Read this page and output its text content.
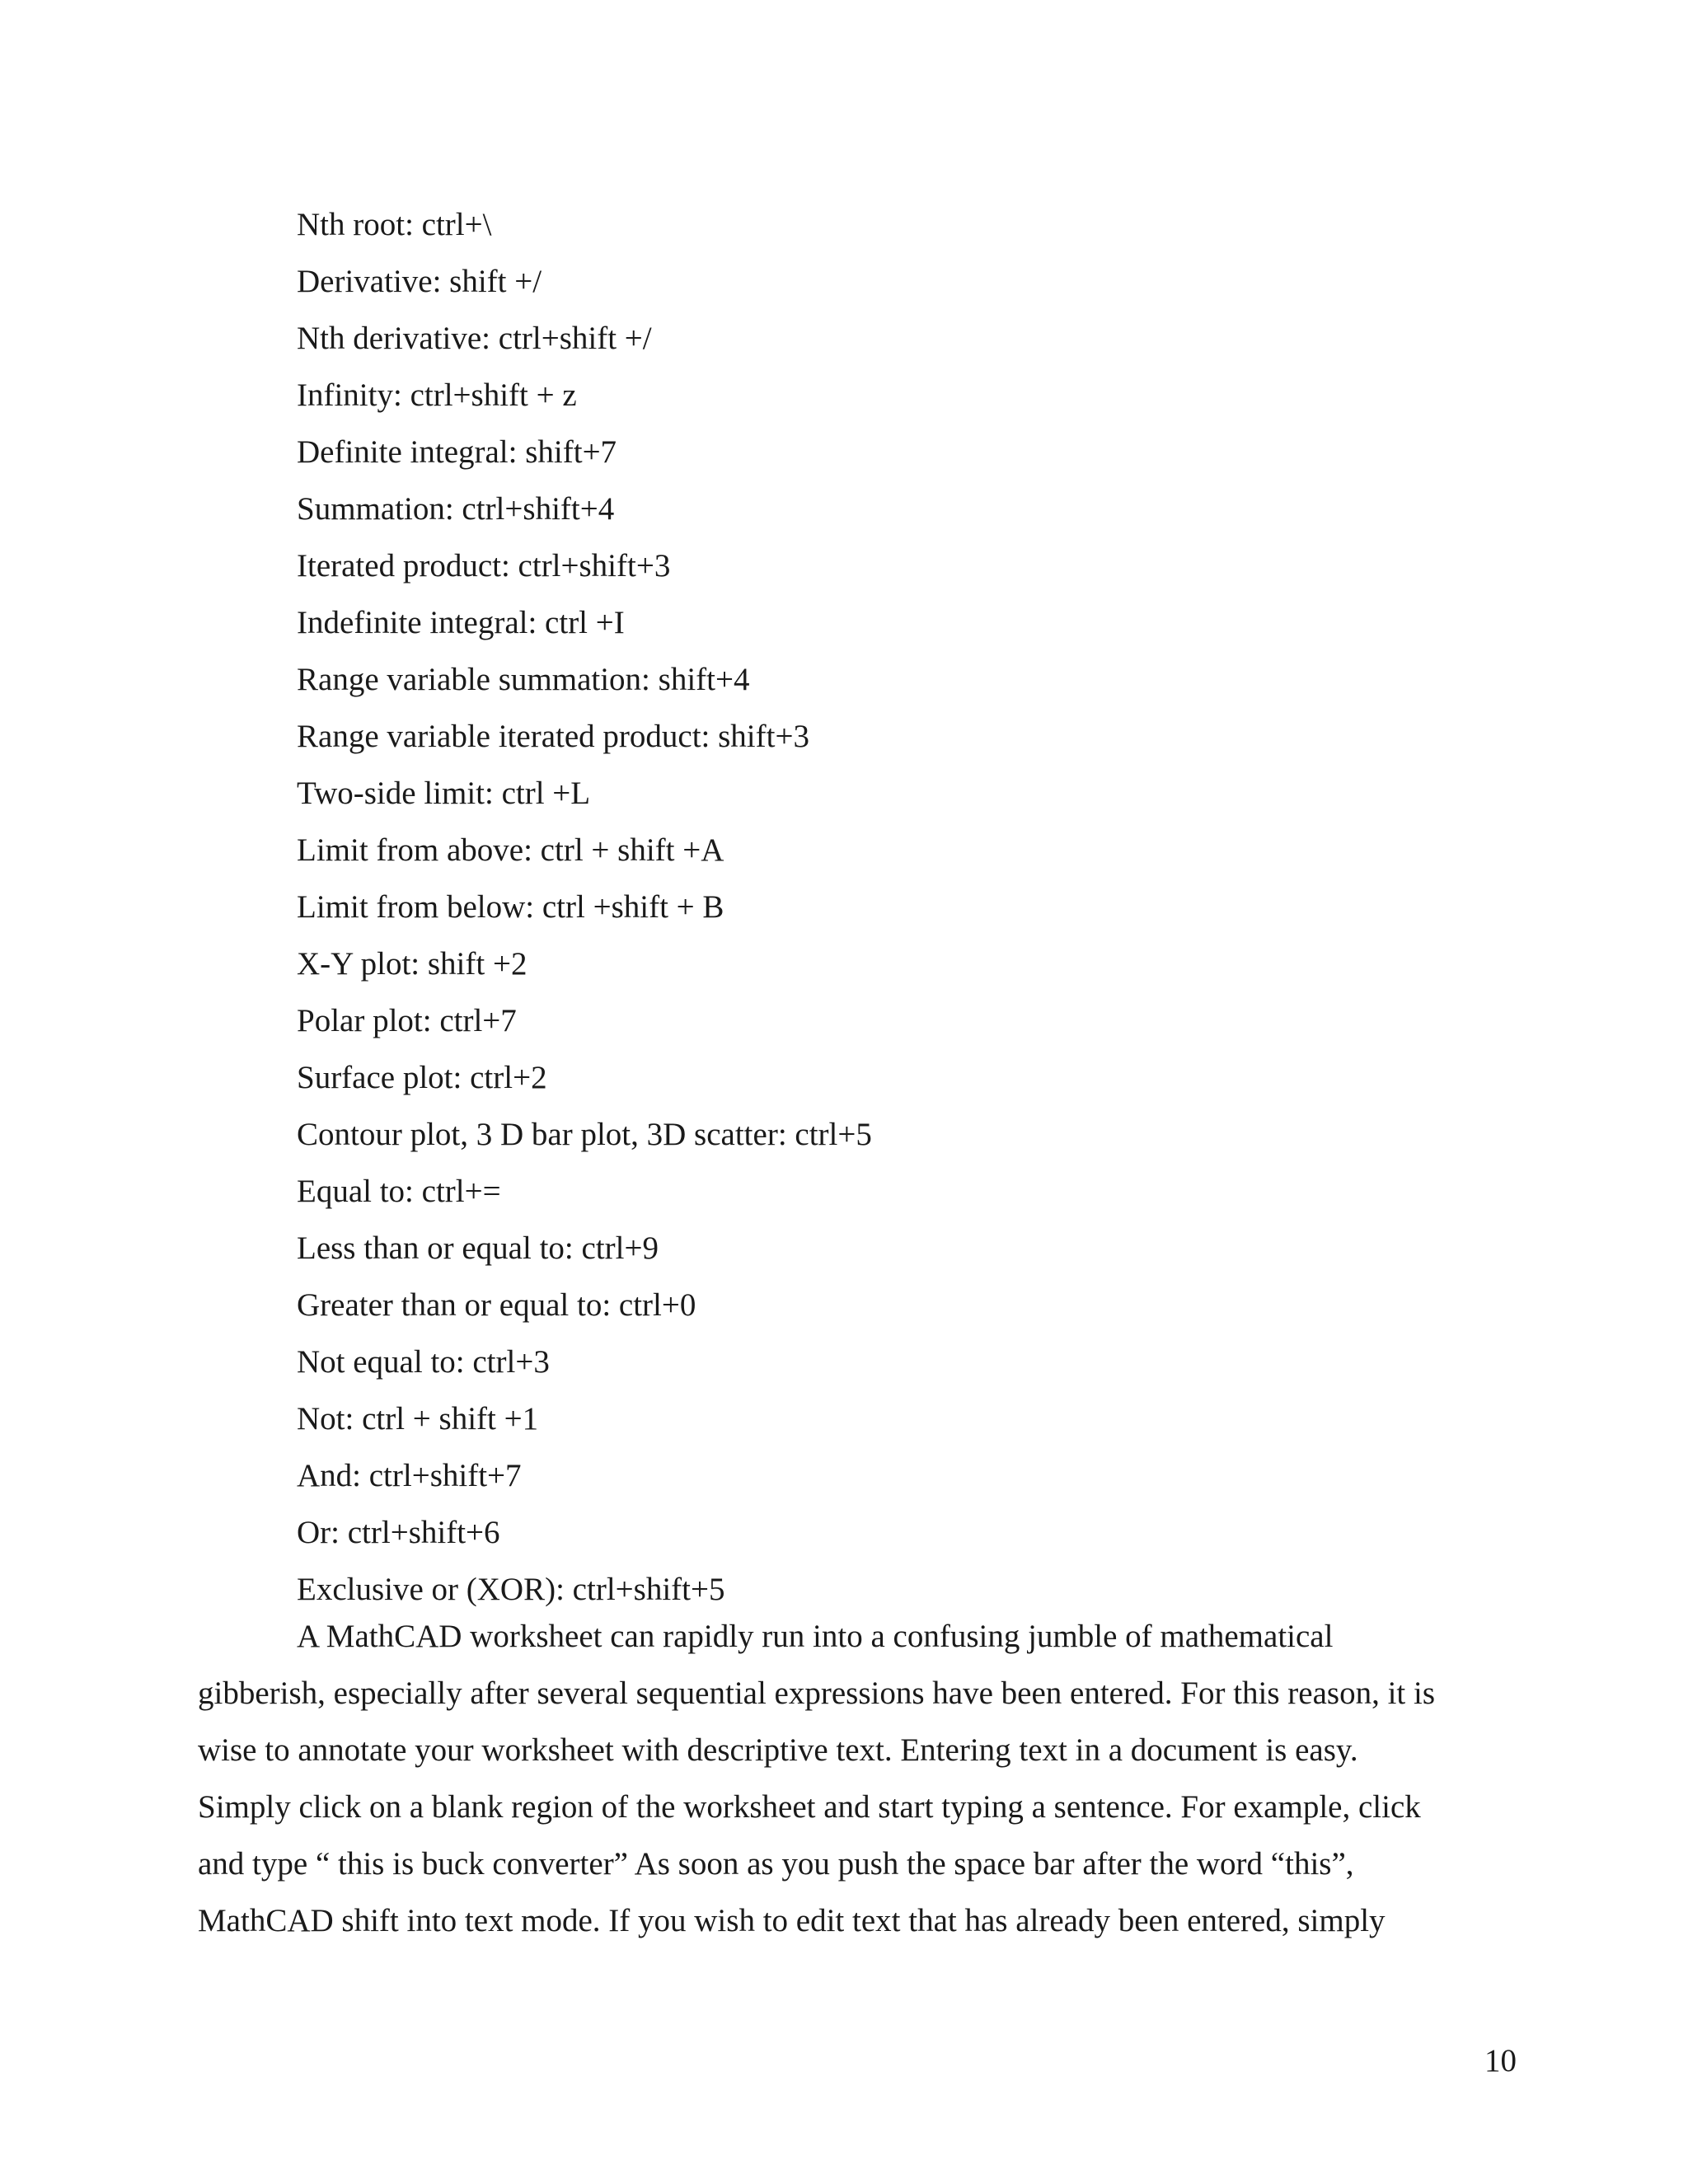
Nth root: ctrl+\
Derivative: shift +/
Nth derivative: ctrl+shift +/
Infinity: ctrl+shift + z
Definite integral: shift+7
Summation: ctrl+shift+4
Iterated product: ctrl+shift+3
Indefinite integral: ctrl +I
Range variable summation: shift+4
Range variable iterated product: shift+3
Two-side limit: ctrl +L
Limit from above: ctrl + shift +A
Limit from below: ctrl +shift + B
X-Y plot: shift +2
Polar plot: ctrl+7
Surface plot: ctrl+2
Contour plot, 3 D bar plot, 3D scatter: ctrl+5
Equal to: ctrl+=
Less than or equal to: ctrl+9
Greater than or equal to: ctrl+0
Not equal to: ctrl+3
Not: ctrl + shift +1
And: ctrl+shift+7
Or: ctrl+shift+6
Exclusive or (XOR): ctrl+shift+5
A MathCAD worksheet can rapidly run into a confusing jumble of mathematical
gibberish, especially after several sequential expressions have been entered. For this reason, it is
wise to annotate your worksheet with descriptive text. Entering text in a document is easy.
Simply click on a blank region of the worksheet and start typing a sentence. For example, click
and type “ this is buck converter” As soon as you push the space bar after the word “this”,
MathCAD shift into text mode. If you wish to edit text that has already been entered, simply
10
